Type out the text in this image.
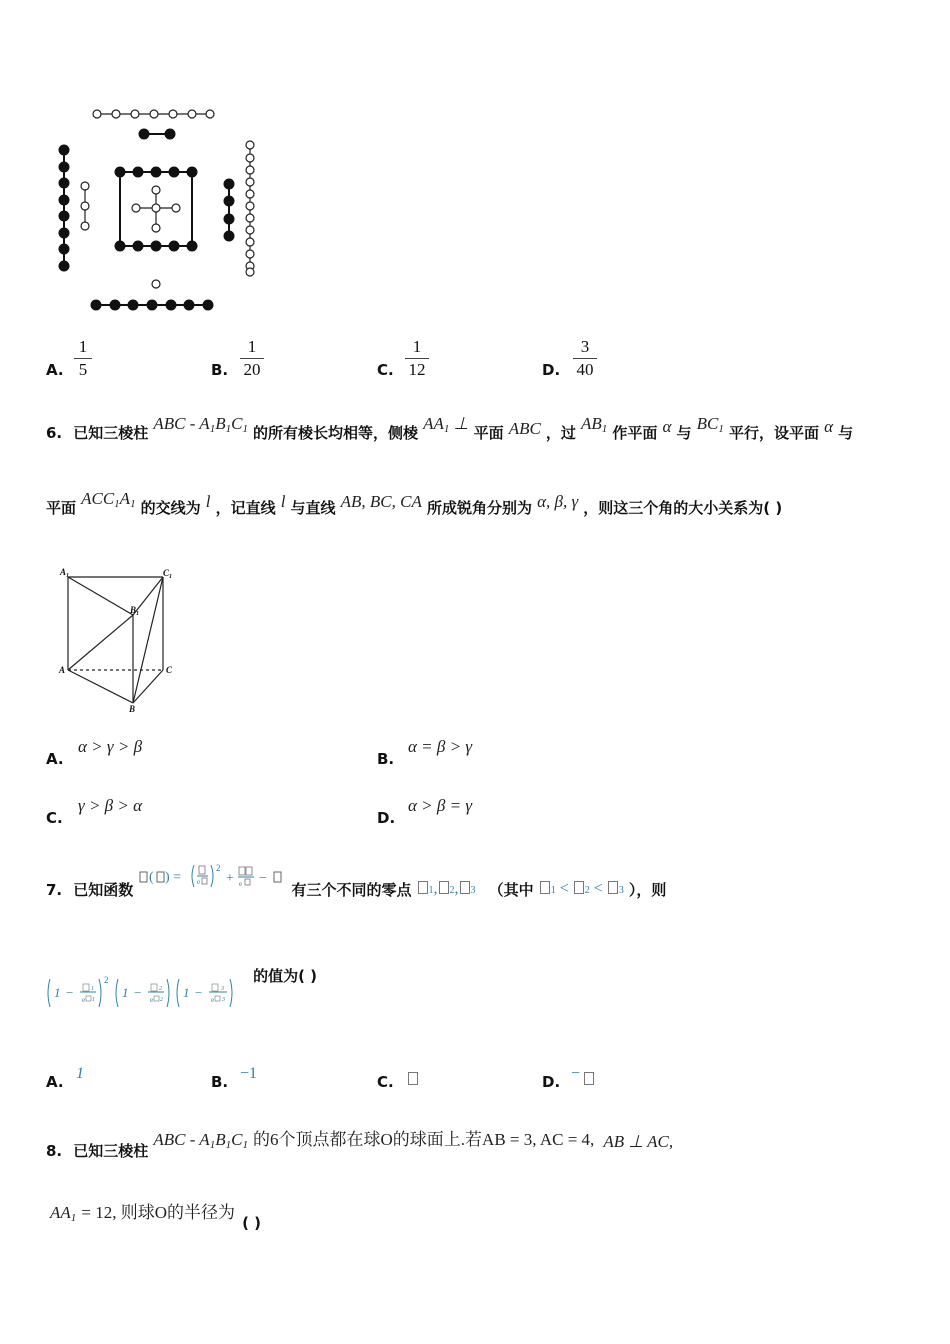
A.
1
5	B.
1
20	C.
1
12	D.
3
40
6. 已知三棱柱 ABC - $A_1B_1C_1$ 的所有棱长均相等，侧棱 $AA_1$ ⊥ 平面 ABC ，过 $AB_1$ 作平面 α 与 $BC_1$ 平行，设平面 α 与
平面 $ACC_1A_1$ 的交线为 l ，记直线 l 与直线 AB, BC, CA 所成锐角分别为 α, β, γ ，则这三个角的大小关系为( )
$A_1$	$C_1$
$B_1$
A	C
B
A.
α > γ > β
B.
α = β > γ
C.
γ > β > α
D.
α > β = γ
7. 已知函数
( ) = e
2
+ e −
有三个不同的零点 1, 2, 3 （其中 1 < 2 < 3 ），则
1 −	1
e 1
2
1 −	2
e 2 1 −	3
e 3
的值为( )
A. 1	B. −1	C.	D. −
8. 已知三棱柱 ABC - $A_1B_1C_1$ 的6个顶点都在球O的球面上.若AB = 3, AC = 4, AB ⊥ AC,
$AA_1 = 12$, 则球O的半径为 ( )
